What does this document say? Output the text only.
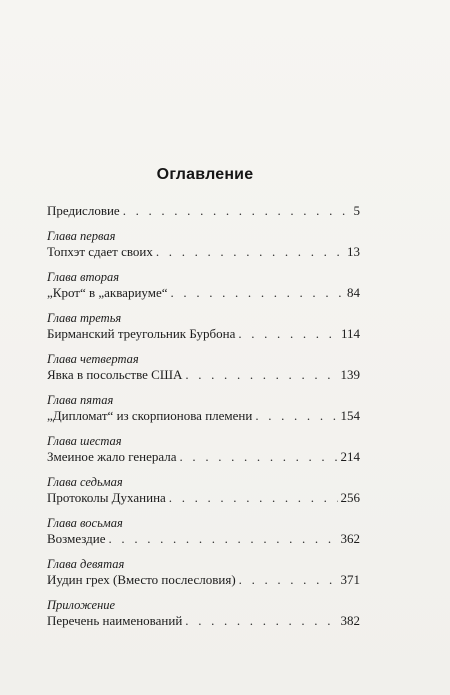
Оглавление
Предисловие . . .	5
Глава первая
Топхэт сдает своих . . .	13
Глава вторая
„Крот“ в „аквариуме“ . . .	84
Глава третья
Бирманский треугольник Бурбона . . .	114
Глава четвертая
Явка в посольстве США . . .	139
Глава пятая
„Дипломат“ из скорпионова племени . . .	154
Глава шестая
Змеиное жало генерала . . .	214
Глава седьмая
Протоколы Духанина . . .	256
Глава восьмая
Возмездие . . .	362
Глава девятая
Иудин грех (Вместо послесловия) . . .	371
Приложение
Перечень наименований . . .	382
